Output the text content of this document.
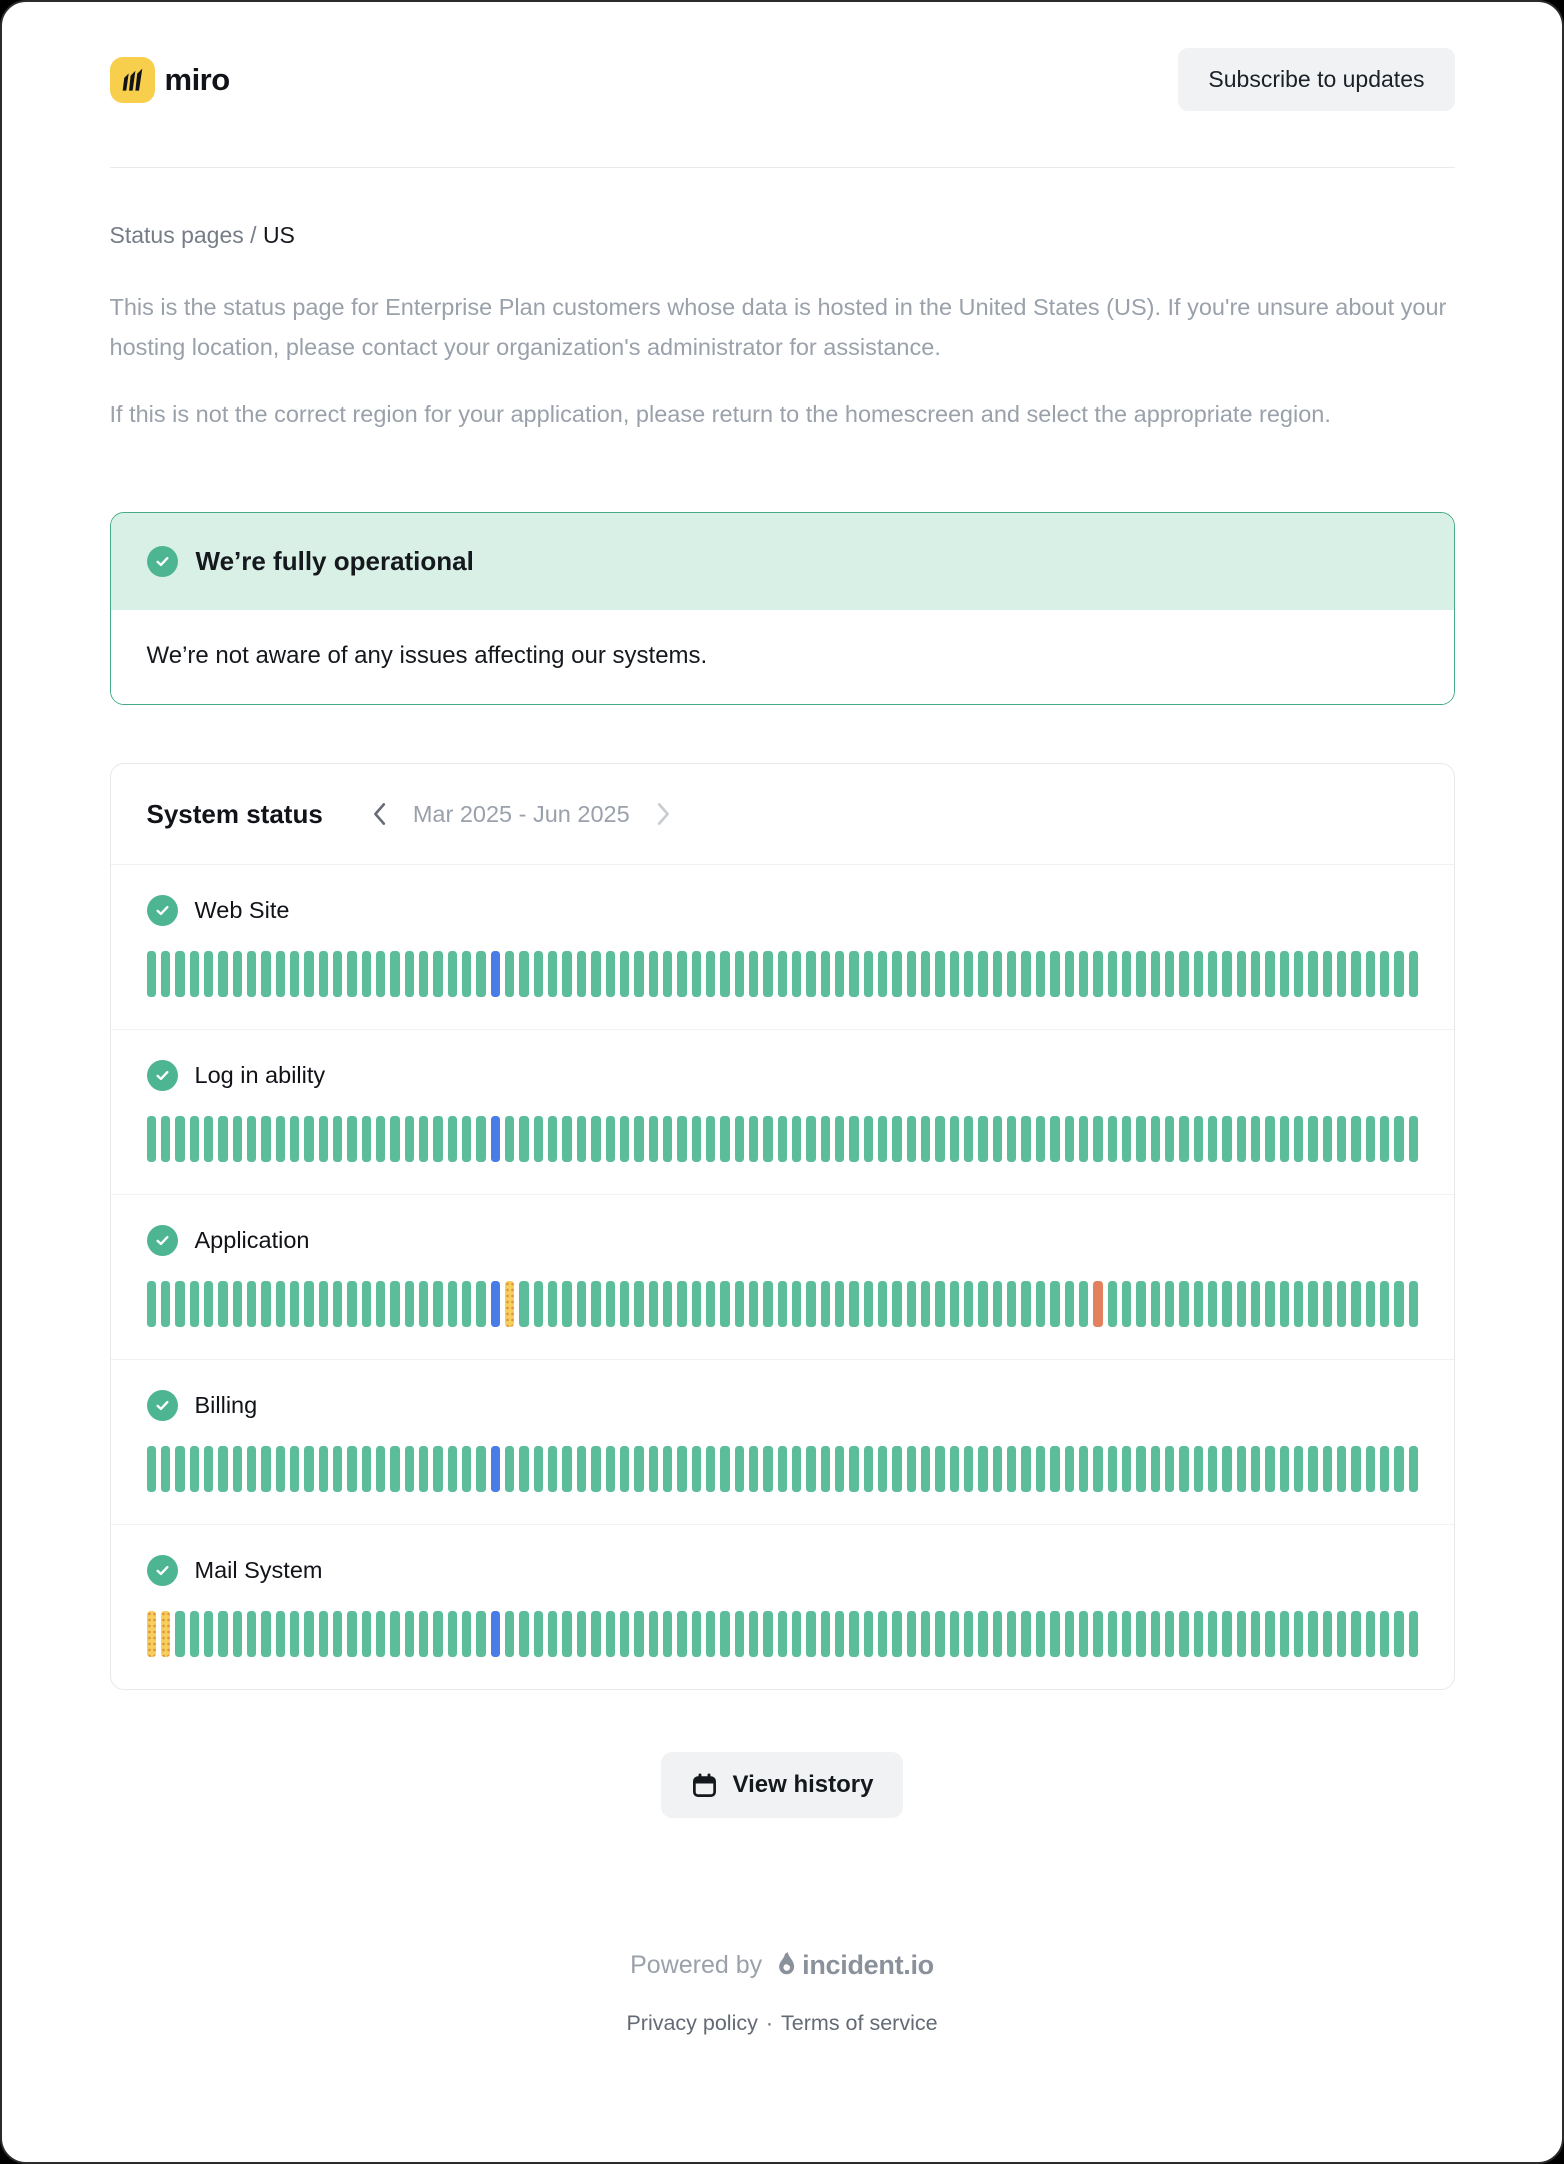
miro	Subscribe to updates
Status pages / US

This is the status page for Enterprise Plan customers whose data is hosted in the United States (US). If you're unsure about your hosting location, please contact your organization's administrator for assistance.

If this is not the correct region for your application, please return to the homescreen and select the appropriate region.

We’re fully operational
We’re not aware of any issues affecting our systems.
System status	Mar 2025 - Jun 2025
Web Site
Log in ability
Application
Billing
Mail System
View history
Powered by incident.io
Privacy policy · Terms of service
